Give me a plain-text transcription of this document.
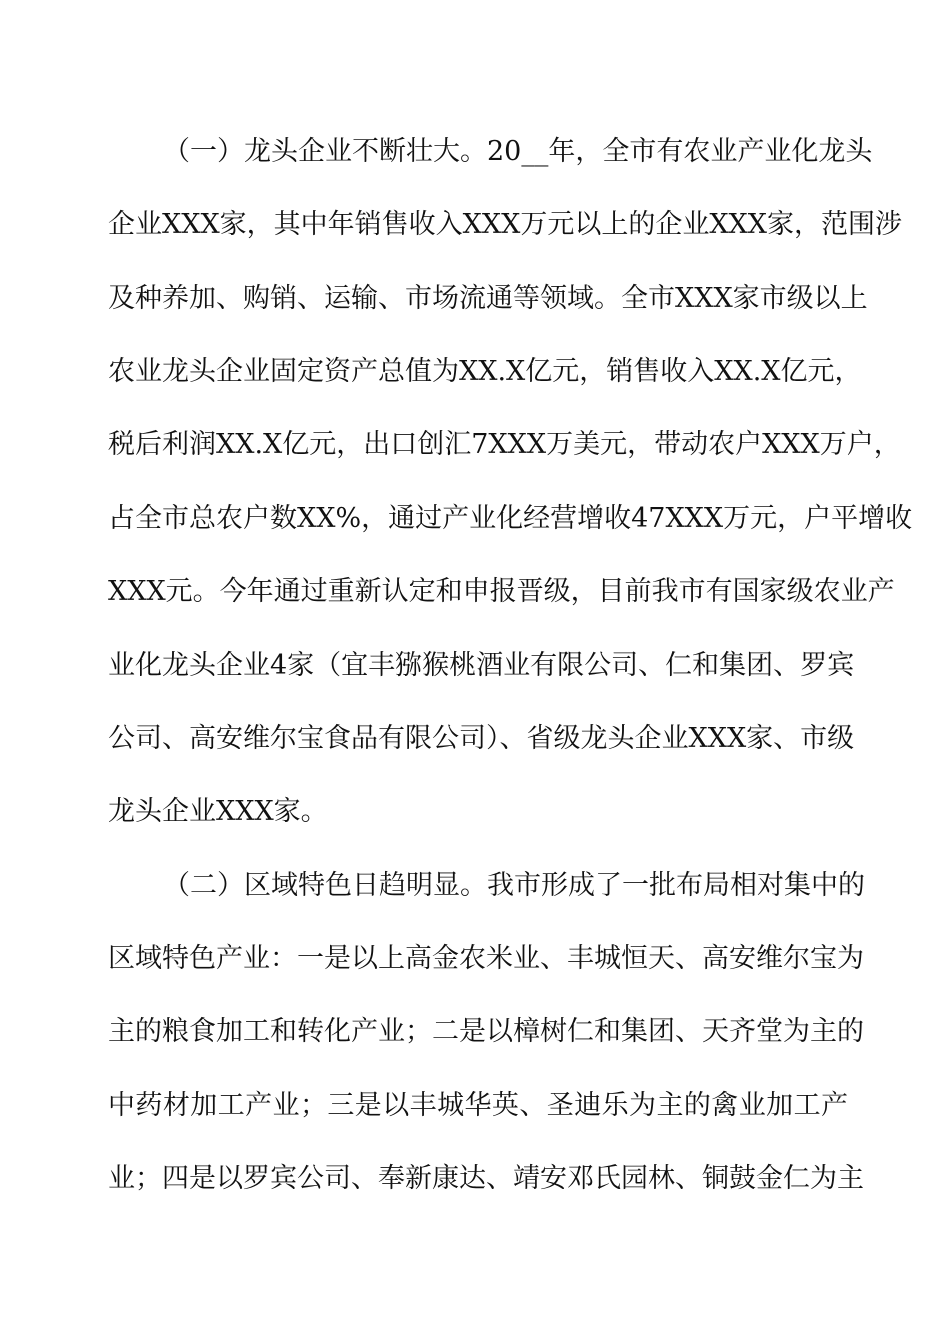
（一）龙头企业不断壮大。20__年，全市有农业产业化龙头
企业XXX家，其中年销售收入XXX万元以上的企业XXX家，范围涉
及种养加、购销、运输、市场流通等领域。全市XXX家市级以上
农业龙头企业固定资产总值为XX.X亿元，销售收入XX.X亿元，
税后利润XX.X亿元，出口创汇7XXX万美元，带动农户XXX万户，
占全市总农户数XX%，通过产业化经营增收47XXX万元，户平增收
XXX元。今年通过重新认定和申报晋级，目前我市有国家级农业产
业化龙头企业4家（宜丰猕猴桃酒业有限公司、仁和集团、罗宾
公司、高安维尔宝食品有限公司）、省级龙头企业XXX家、市级
龙头企业XXX家。
（二）区域特色日趋明显。我市形成了一批布局相对集中的
区域特色产业：一是以上高金农米业、丰城恒天、高安维尔宝为
主的粮食加工和转化产业；二是以樟树仁和集团、天齐堂为主的
中药材加工产业；三是以丰城华英、圣迪乐为主的禽业加工产
业；四是以罗宾公司、奉新康达、靖安邓氏园林、铜鼓金仁为主
